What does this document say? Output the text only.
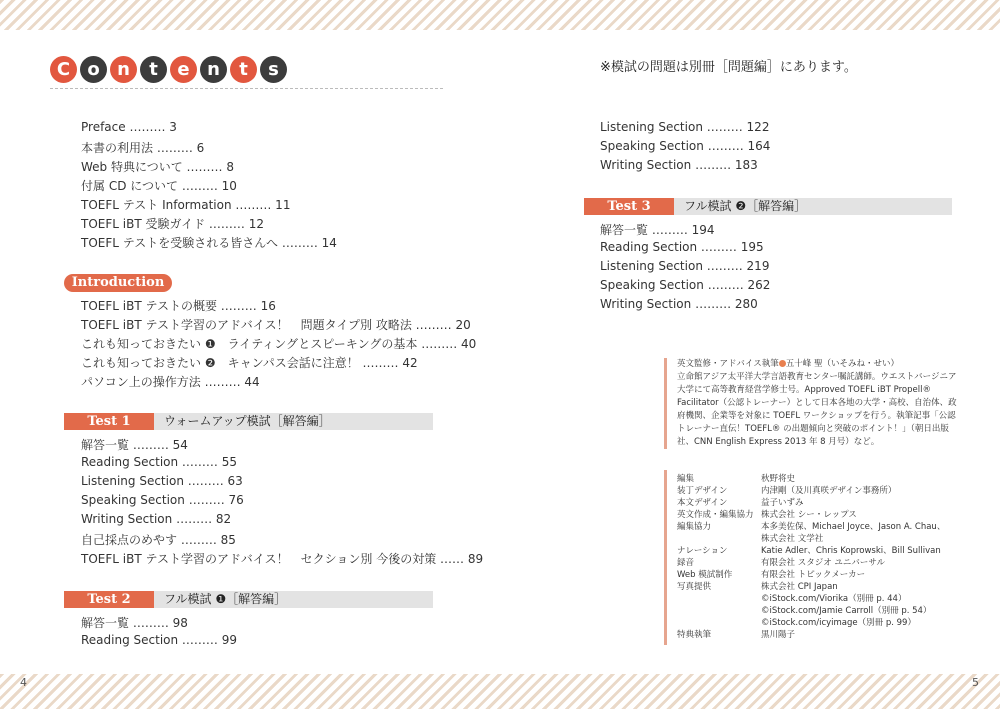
4	5
C o n	t	e n	t	s	※模試の問題は別冊［問題編］にあります。
Preface ……… 3
本書の利用法 ……… 6
Web 特典について ……… 8
付属 CD について ……… 10
TOEFL テスト Information ……… 11
TOEFL iBT 受験ガイド ……… 12
TOEFL テストを受験される皆さんへ ……… 14
Introduction
TOEFL iBT テストの概要 ……… 16
TOEFL iBT テスト学習のアドバイス！　問題タイプ別 攻略法 ……… 20
これも知っておきたい ❶　ライティングとスピーキングの基本 ……… 40
これも知っておきたい ❷　キャンパス会話に注意！ ……… 42
パソコン上の操作方法 ……… 44
Test 1	ウォームアップ模試［解答編］
解答一覧 ……… 54
Reading Section ……… 55
Listening Section ……… 63
Speaking Section ……… 76
Writing Section ……… 82
自己採点のめやす ……… 85
TOEFL iBT テスト学習のアドバイス！　セクション別 今後の対策 …… 89
Test 2	フル模試 ❶［解答編］
解答一覧 ……… 98
Reading Section ……… 99
Listening Section ……… 122
Speaking Section ……… 164
Writing Section ……… 183
Test 3	フル模試 ❷［解答編］
解答一覧 ……… 194
Reading Section ……… 195
Listening Section ……… 219
Speaking Section ……… 262
Writing Section ……… 280
英文監修・アドバイス執筆 五十峰 聖（いそみね・せい）
立命館アジア太平洋大学言語教育センター嘱託講師。ウエストバージニア大学にて高等教育経営学修士号。Approved TOEFL iBT Propell® Facilitator（公認トレーナー）として日本各地の大学・高校、自治体、政府機関、企業等を対象に TOEFL ワークショップを行う。執筆記事「公認トレーナー直伝！TOEFL® の出題傾向と突破のポイント！」（朝日出版社、CNN English Express 2013 年 8 月号）など。
編集	秋野将史
装丁デザイン	内津剛（及川真咲デザイン事務所）
本文デザイン	益子いずみ
英文作成・編集協力 株式会社 シー・レップス
編集協力	本多美佐保、Michael Joyce、Jason A. Chau、
株式会社 文学社
ナレーション	Katie Adler、Chris Koprowski、Bill Sullivan
録音	有限会社 スタジオ ユニバーサル
Web 模試制作	有限会社 トピックメーカー
写真提供	株式会社 CPI Japan
©iStock.com/Viorika（別冊 p. 44）
©iStock.com/Jamie Carroll（別冊 p. 54）
©iStock.com/icyimage（別冊 p. 99）
特典執筆	黒川陽子
